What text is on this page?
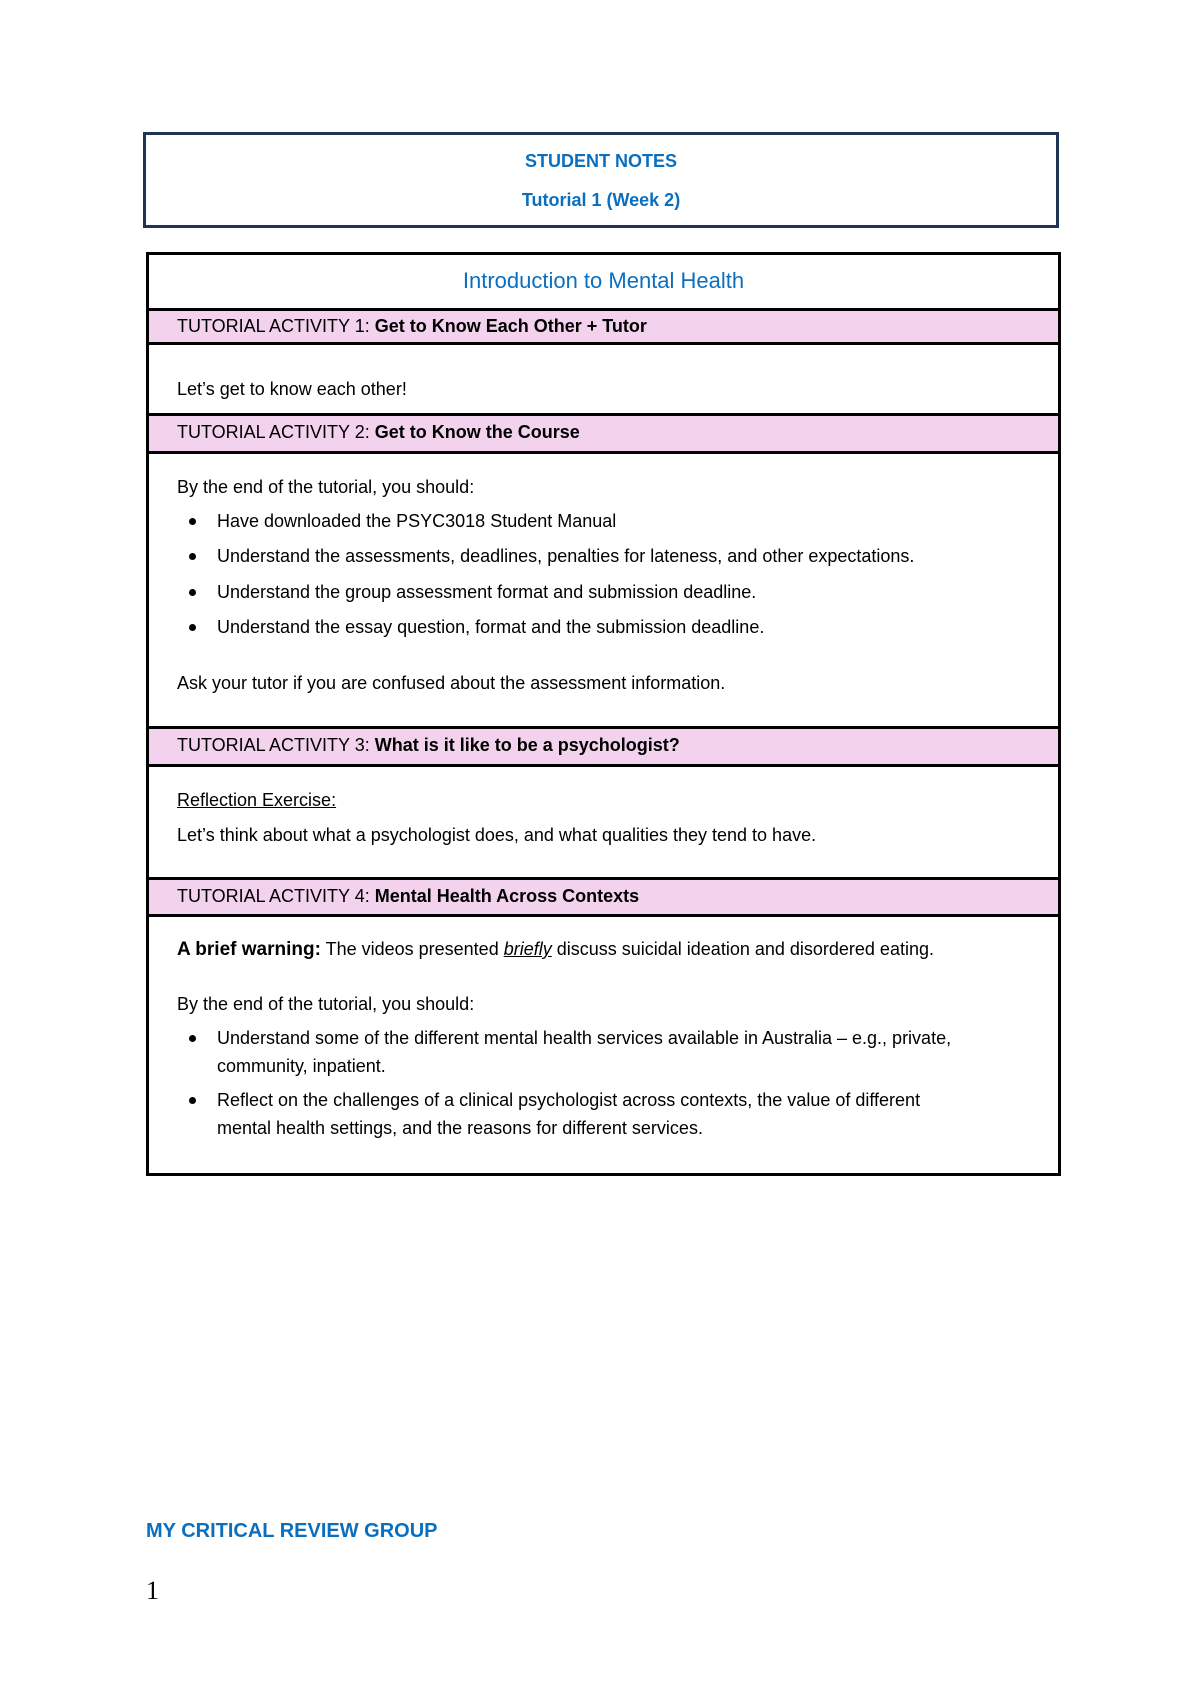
STUDENT NOTES
Tutorial 1 (Week 2)
Introduction to Mental Health
TUTORIAL ACTIVITY 1: Get to Know Each Other + Tutor
Let’s get to know each other!
TUTORIAL ACTIVITY 2: Get to Know the Course
By the end of the tutorial, you should:
Have downloaded the PSYC3018 Student Manual
Understand the assessments, deadlines, penalties for lateness, and other expectations.
Understand the group assessment format and submission deadline.
Understand the essay question, format and the submission deadline.
Ask your tutor if you are confused about the assessment information.
TUTORIAL ACTIVITY 3: What is it like to be a psychologist?
Reflection Exercise:
Let’s think about what a psychologist does, and what qualities they tend to have.
TUTORIAL ACTIVITY 4: Mental Health Across Contexts
A brief warning: The videos presented briefly discuss suicidal ideation and disordered eating.
By the end of the tutorial, you should:
Understand some of the different mental health services available in Australia – e.g., private,
community, inpatient.
Reflect on the challenges of a clinical psychologist across contexts, the value of different
mental health settings, and the reasons for different services.
MY CRITICAL REVIEW GROUP
1
